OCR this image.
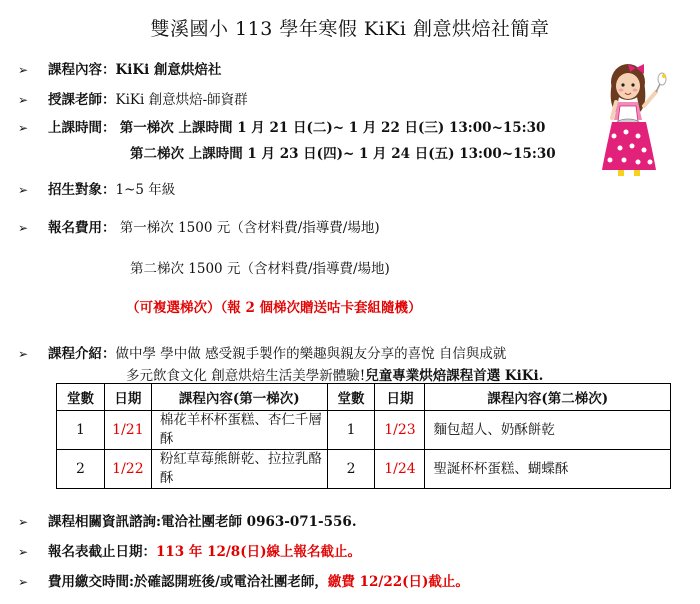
雙溪國小 113 學年寒假 KiKi 創意烘焙社簡章
➢ 課程內容：KiKi 創意烘焙社
➢ 授課老師：KiKi 創意烘焙-師資群
➢ 上課時間： 第一梯次 上課時間 1 月 21 日(二)~ 1 月 22 日(三) 13:00~15:30
第二梯次 上課時間 1 月 23 日(四)~ 1 月 24 日(五) 13:00~15:30
➢ 招生對象：1~5 年級
➢ 報名費用： 第一梯次 1500 元（含材料費/指導費/場地)
第二梯次 1500 元（含材料費/指導費/場地)
（可複選梯次）（報 2 個梯次贈送咕卡套組隨機）
➢ 課程介紹：做中學 學中做 感受親手製作的樂趣與親友分享的喜悅 自信與成就
多元飲食文化 創意烘焙生活美學新體驗!兒童專業烘焙課程首選 KiKi.
堂數	日期	課程內容(第一梯次)	堂數	日期	課程內容(第二梯次)
1	1/21	棉花羊杯杯蛋糕、杏仁千層酥	1	1/23	麵包超人、奶酥餅乾
2	1/22	粉紅草莓熊餅乾、拉拉乳酪酥	2	1/24	聖誕杯杯蛋糕、蝴蝶酥
➢ 課程相關資訊諮詢:電洽社團老師 0963-071-556.
➢ 報名表截止日期：113 年 12/8(日)線上報名截止。
➢ 費用繳交時間:於確認開班後/或電洽社團老師，繳費 12/22(日)截止。
